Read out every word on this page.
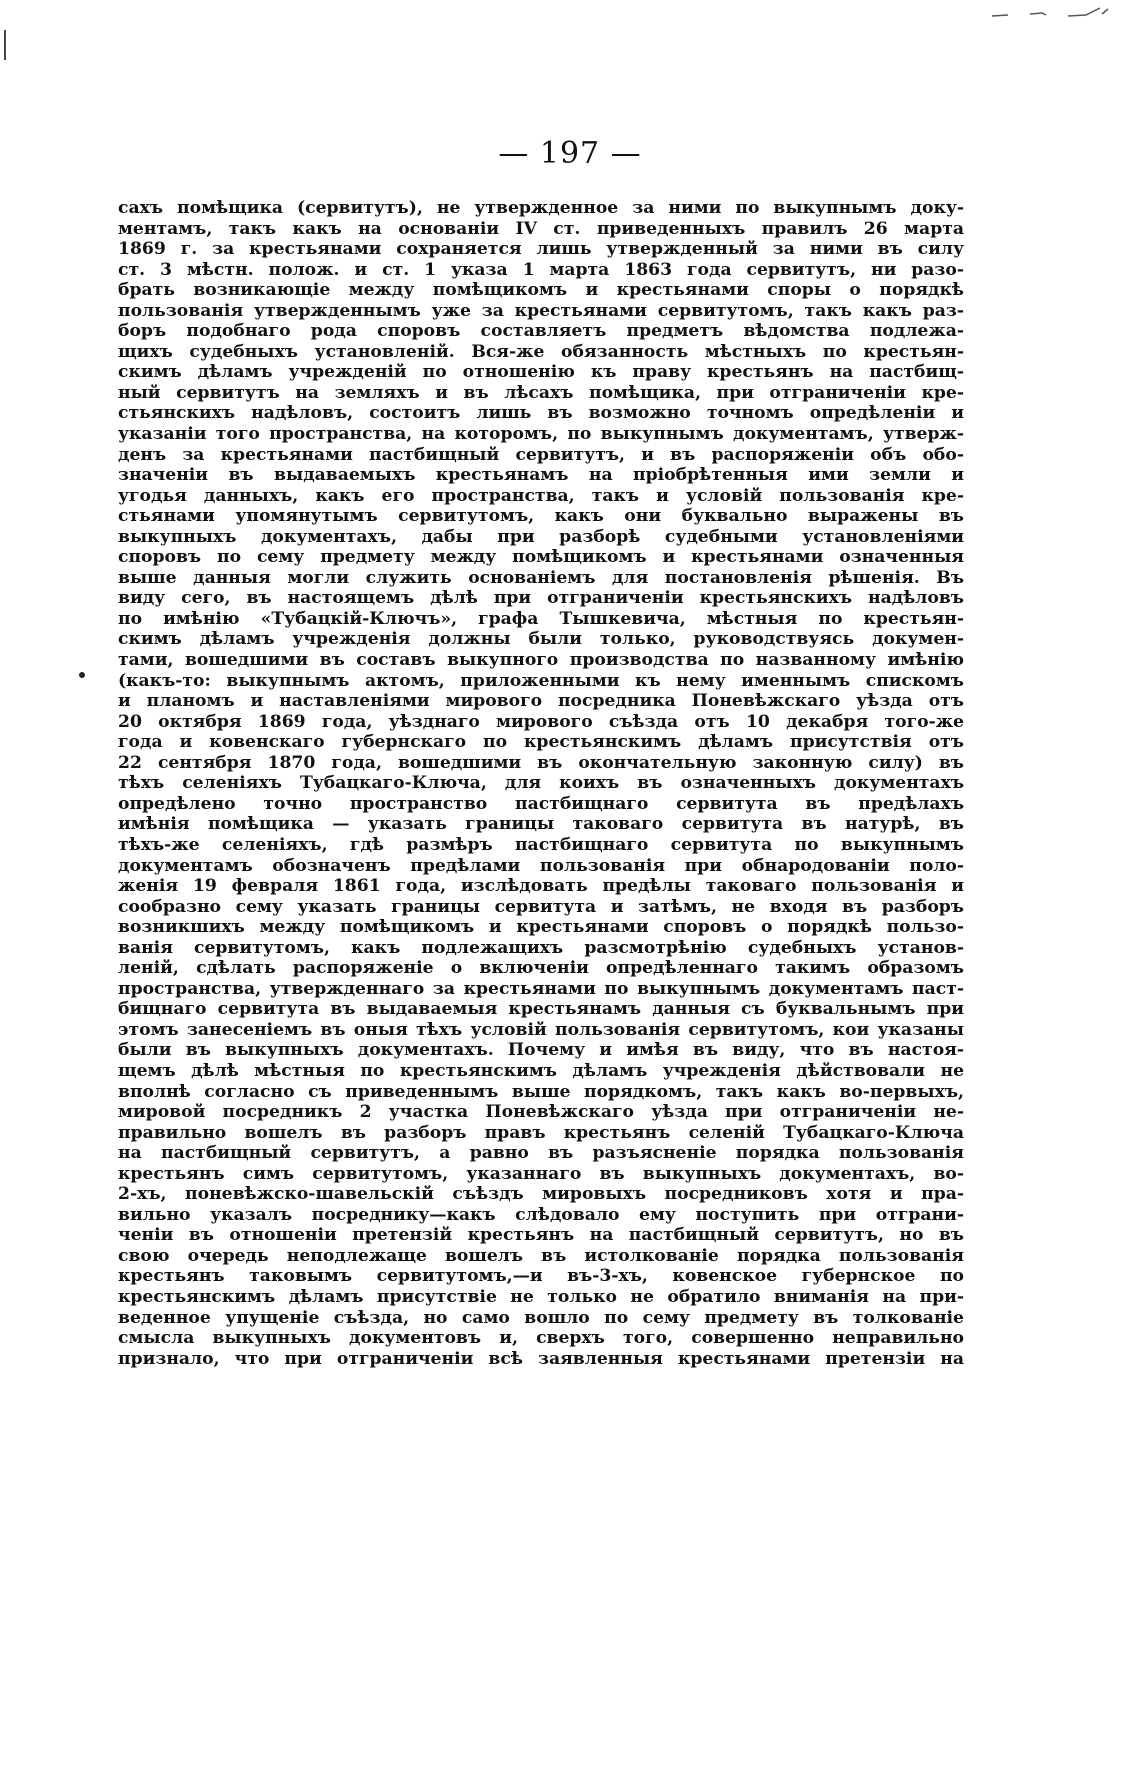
— 197 —
сахъ помѣщика (сервитутъ), не утвержденное за ними по выкупнымъ доку-
ментамъ, такъ какъ на основаніи IV ст. приведенныхъ правилъ 26 марта
1869 г. за крестьянами сохраняется лишь утвержденный за ними въ силу
ст. 3 мѣстн. полож. и ст. 1 указа 1 марта 1863 года сервитутъ, ни разо-
брать возникающіе между помѣщикомъ и крестьянами споры о порядкѣ
пользованія утвержденнымъ уже за крестьянами сервитутомъ, такъ какъ раз-
боръ подобнаго рода споровъ составляетъ предметъ вѣдомства подлежа-
щихъ судебныхъ установленій. Вся-же обязанность мѣстныхъ по крестьян-
скимъ дѣламъ учрежденій по отношенію къ праву крестьянъ на пастбищ-
ный сервитутъ на земляхъ и въ лѣсахъ помѣщика, при отграниченіи кре-
стьянскихъ надѣловъ, состоитъ лишь въ возможно точномъ опредѣленіи и
указаніи того пространства, на которомъ, по выкупнымъ документамъ, утверж-
денъ за крестьянами пастбищный сервитутъ, и въ распоряженіи объ обо-
значеніи въ выдаваемыхъ крестьянамъ на пріобрѣтенныя ими земли и
угодья данныхъ, какъ его пространства, такъ и условій пользованія кре-
стьянами упомянутымъ сервитутомъ, какъ они буквально выражены въ
выкупныхъ документахъ, дабы при разборѣ судебными установленіями
споровъ по сему предмету между помѣщикомъ и крестьянами означенныя
выше данныя могли служить основаніемъ для постановленія рѣшенія. Въ
виду сего, въ настоящемъ дѣлѣ при отграниченіи крестьянскихъ надѣловъ
по имѣнію «Тубацкій-Ключъ», графа Тышкевича, мѣстныя по крестьян-
скимъ дѣламъ учрежденія должны были только, руководствуясь докумен-
тами, вошедшими въ составъ выкупного производства по названному имѣнію
(какъ-то: выкупнымъ актомъ, приложенными къ нему именнымъ спискомъ
и планомъ и наставленіями мирового посредника Поневѣжскаго уѣзда отъ
20 октября 1869 года, уѣзднаго мирового съѣзда отъ 10 декабря того-же
года и ковенскаго губернскаго по крестьянскимъ дѣламъ присутствія отъ
22 сентября 1870 года, вошедшими въ окончательную законную силу) въ
тѣхъ селеніяхъ Тубацкаго-Ключа, для коихъ въ означенныхъ документахъ
опредѣлено точно пространство пастбищнаго сервитута въ предѣлахъ
имѣнія помѣщика — указать границы таковаго сервитута въ натурѣ, въ
тѣхъ-же селеніяхъ, гдѣ размѣръ пастбищнаго сервитута по выкупнымъ
документамъ обозначенъ предѣлами пользованія при обнародованіи поло-
женія 19 февраля 1861 года, изслѣдовать предѣлы таковаго пользованія и
сообразно сему указать границы сервитута и затѣмъ, не входя въ разборъ
возникшихъ между помѣщикомъ и крестьянами споровъ о порядкѣ пользо-
ванія сервитутомъ, какъ подлежащихъ разсмотрѣнію судебныхъ установ-
леній, сдѣлать распоряженіе о включеніи опредѣленнаго такимъ образомъ
пространства, утвержденнаго за крестьянами по выкупнымъ документамъ паст-
бищнаго сервитута въ выдаваемыя крестьянамъ данныя съ буквальнымъ при
этомъ занесеніемъ въ оныя тѣхъ условій пользованія сервитутомъ, кои указаны
были въ выкупныхъ документахъ. Почему и имѣя въ виду, что въ настоя-
щемъ дѣлѣ мѣстныя по крестьянскимъ дѣламъ учрежденія дѣйствовали не
вполнѣ согласно съ приведеннымъ выше порядкомъ, такъ какъ во-первыхъ,
мировой посредникъ 2 участка Поневѣжскаго уѣзда при отграниченіи не-
правильно вошелъ въ разборъ правъ крестьянъ селеній Тубацкаго-Ключа
на пастбищный сервитутъ, а равно въ разъясненіе порядка пользованія
крестьянъ симъ сервитутомъ, указаннаго въ выкупныхъ документахъ, во-
2-хъ, поневѣжско-шавельскій съѣздъ мировыхъ посредниковъ хотя и пра-
вильно указалъ посреднику—какъ слѣдовало ему поступить при отграни-
ченіи въ отношеніи претензій крестьянъ на пастбищный сервитутъ, но въ
свою очередь неподлежаще вошелъ въ истолкованіе порядка пользованія
крестьянъ таковымъ сервитутомъ,—и въ-3-хъ, ковенское губернское по
крестьянскимъ дѣламъ присутствіе не только не обратило вниманія на при-
веденное упущеніе съѣзда, но само вошло по сему предмету въ толкованіе
смысла выкупныхъ документовъ и, сверхъ того, совершенно неправильно
признало, что при отграниченіи всѣ заявленныя крестьянами претензіи на
